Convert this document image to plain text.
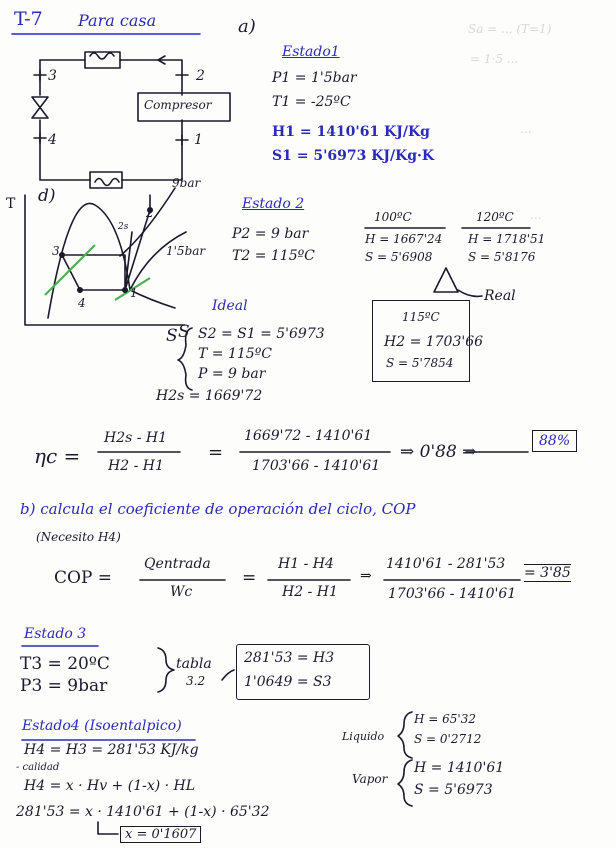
Sa = ... (T=1)
= 1·5 ...
...
...
T-7 Para casa	a)
3	2
4	1
Compresor
d)
T
S
9bar
1'5bar
3
2
2s
4
1
Estado1
P1 = 1'5bar
T1 = -25ºC
H1 = 1410'61 KJ/Kg
S1 = 5'6973 KJ/Kg·K
Estado 2
P2 = 9 bar
T2 = 115ºC
100ºC
H = 1667'24
S = 5'6908
120ºC
H = 1718'51
S = 5'8176
Real
115ºC
H2 = 1703'66
S = 5'7854
Ideal
S S2 = S1 = 5'6973
T = 115ºC
P = 9 bar
H2s = 1669'72
ηc =
H2s - H1
H2 - H1
=
1669'72 - 1410'61
1703'66 - 1410'61
⇒ 0'88 ⇒
88%
b) calcula el coeficiente de operación del ciclo, COP
(Necesito H4)
COP =
Qentrada
Wc
=
H1 - H4
H2 - H1
⇒
1410'61 - 281'53
1703'66 - 1410'61
= 3'85
Estado 3
T3 = 20ºC
P3 = 9bar
tabla
3.2
281'53 = H3
1'0649 = S3
Estado4 (Isoentalpico)
H4 = H3 = 281'53 KJ/kg
- calidad
H4 = x · Hv + (1-x) · HL
281'53 = x · 1410'61 + (1-x) · 65'32
x = 0'1607
Liquido
H = 65'32
S = 0'2712
Vapor
H = 1410'61
S = 5'6973
